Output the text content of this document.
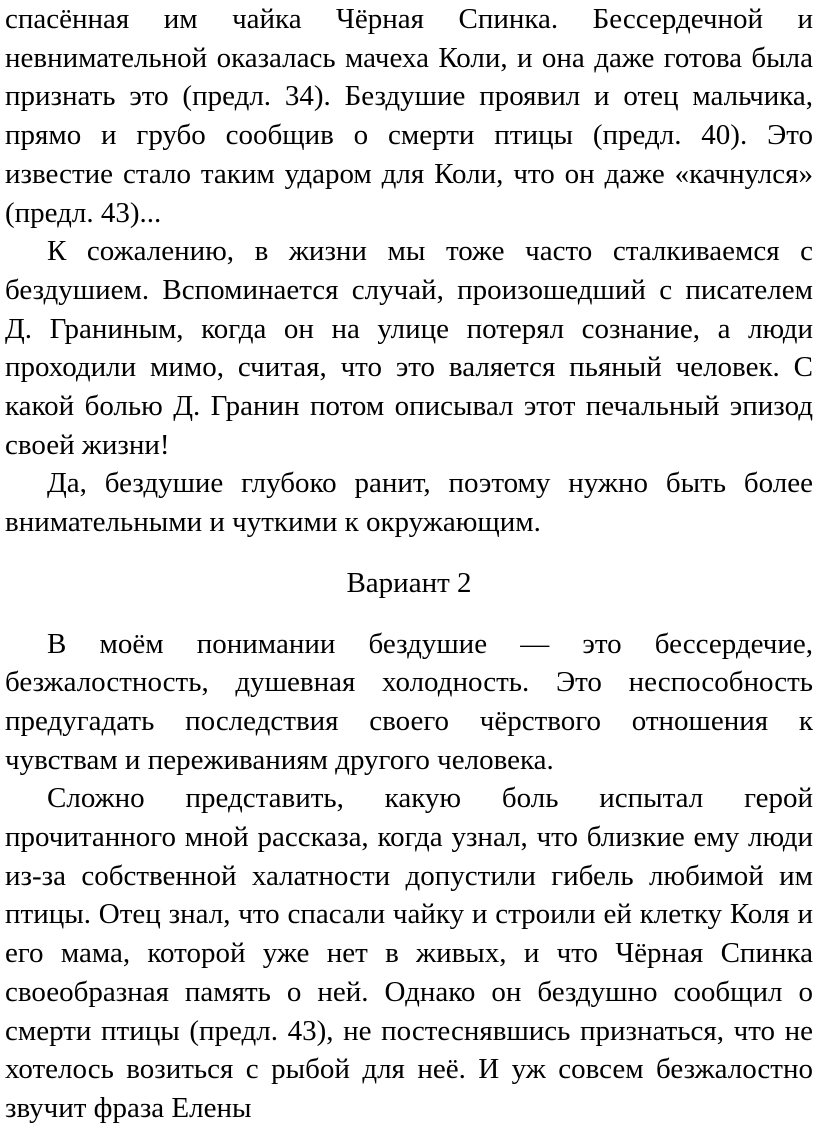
спасённая им чайка Чёрная Спинка. Бессердечной и невнимательной оказалась мачеха Коли, и она даже готова была признать это (предл. 34). Бездушие проявил и отец мальчика, прямо и грубо сообщив о смерти птицы (предл. 40). Это известие стало таким ударом для Коли, что он даже «качнулся» (предл. 43)...

К сожалению, в жизни мы тоже часто сталкиваемся с бездушием. Вспоминается случай, произошедший с писателем Д. Граниным, когда он на улице потерял сознание, а люди проходили мимо, считая, что это валяется пьяный человек. С какой болью Д. Гранин потом описывал этот печальный эпизод своей жизни!

Да, бездушие глубоко ранит, поэтому нужно быть более внимательными и чуткими к окружающим.

Вариант 2

В моём понимании бездушие — это бессердечие, безжалостность, душевная холодность. Это неспособность предугадать последствия своего чёрствого отношения к чувствам и переживаниям другого человека.

Сложно представить, какую боль испытал герой прочитанного мной рассказа, когда узнал, что близкие ему люди из-за собственной халатности допустили гибель любимой им птицы. Отец знал, что спасали чайку и строили ей клетку Коля и его мама, которой уже нет в живых, и что Чёрная Спинка своеобразная память о ней. Однако он бездушно сообщил о смерти птицы (предл. 43), не постеснявшись признаться, что не хотелось возиться с рыбой для неё. И уж совсем безжалостно звучит фраза Елены
